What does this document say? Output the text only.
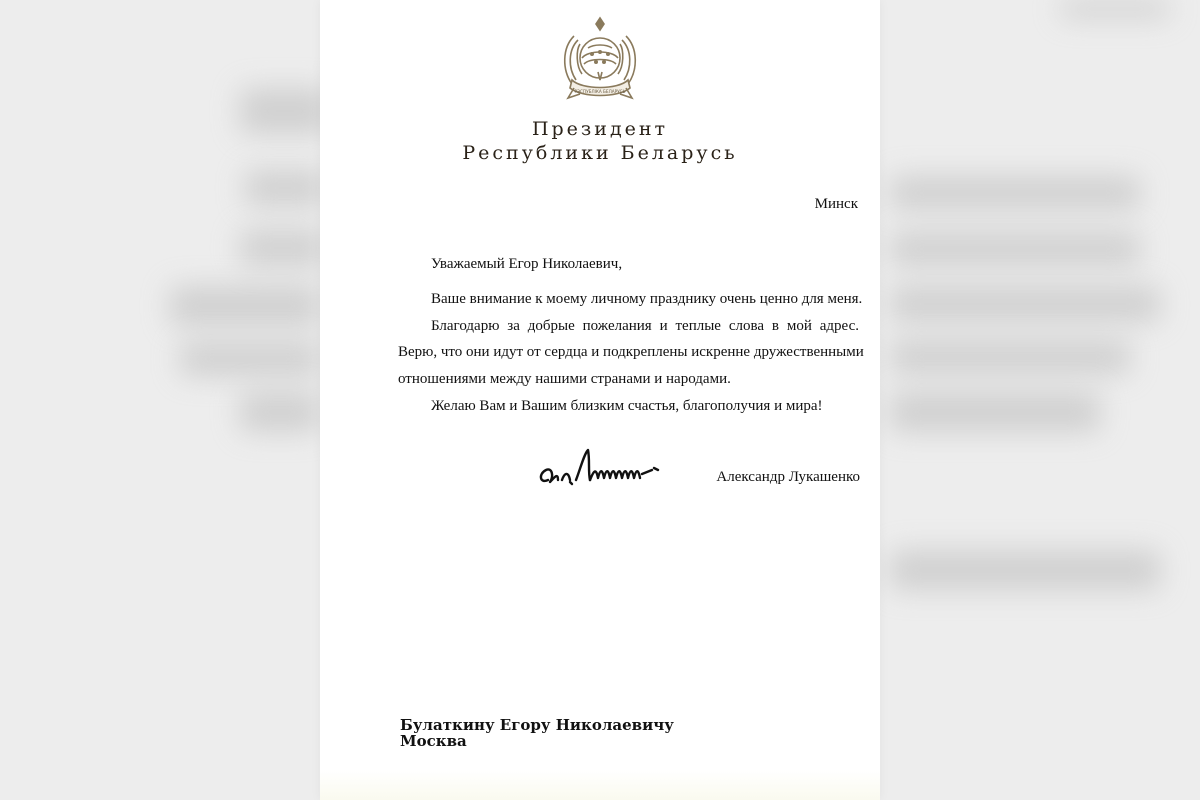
РЭСПУБЛІКА БЕЛАРУСЬ
Президент
Республики Беларусь
Минск
Уважаемый Егор Николаевич,
Ваше внимание к моему личному празднику очень ценно для меня.
Благодарю за добрые пожелания и теплые слова в мой адрес.
Верю, что они идут от сердца и подкреплены искренне дружественными
отношениями между нашими странами и народами.
Желаю Вам и Вашим близким счастья, благополучия и мира!
Александр Лукашенко
Булаткину Егору Николаевичу
Москва
